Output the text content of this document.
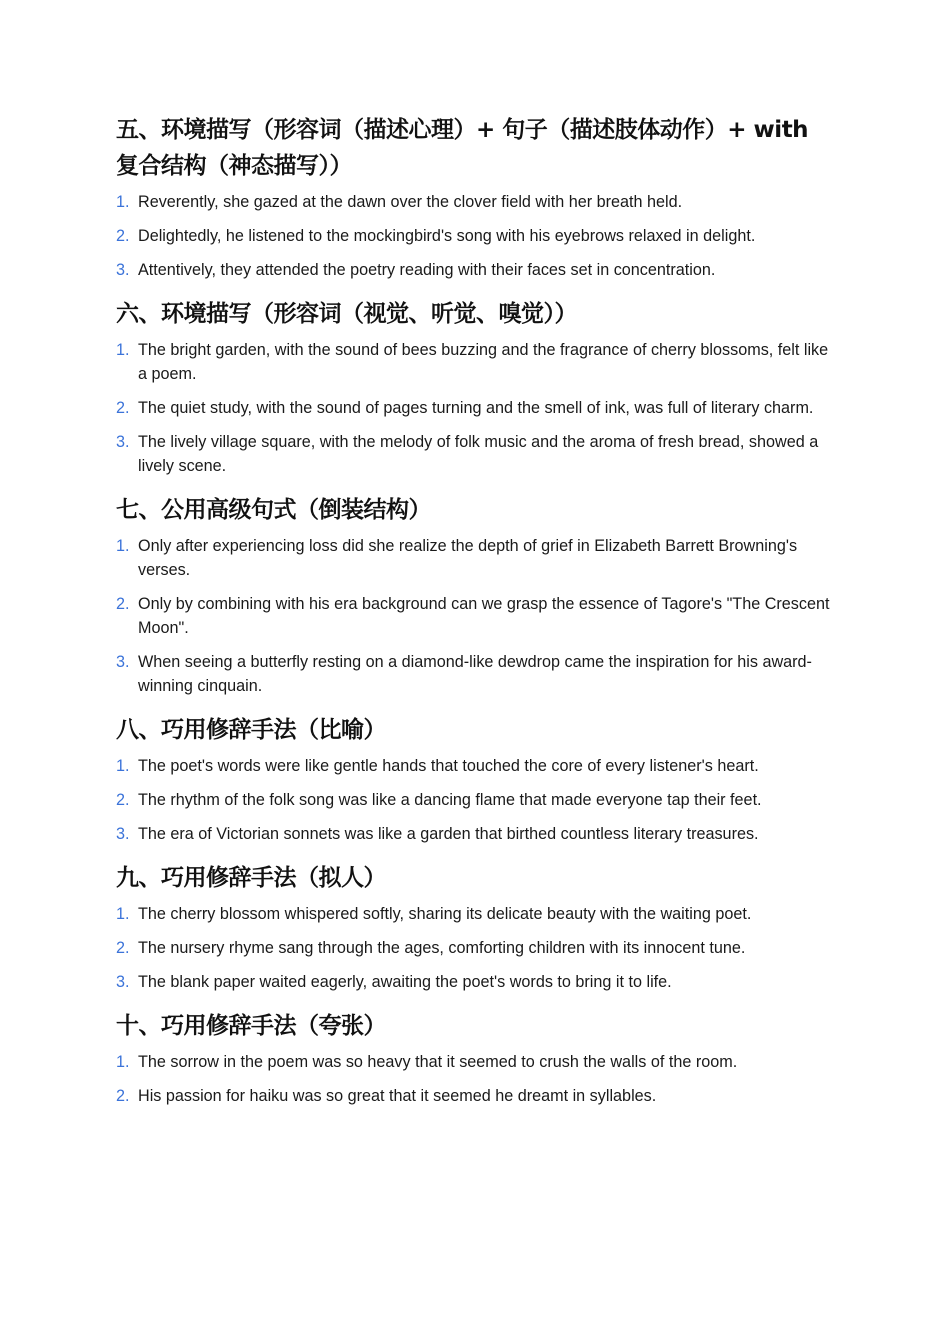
五、环境描写（形容词（描述心理）+ 句子（描述肢体动作）+ with 复合结构（神态描写））
1. Reverently, she gazed at the dawn over the clover field with her breath held.
2. Delightedly, he listened to the mockingbird's song with his eyebrows relaxed in delight.
3. Attentively, they attended the poetry reading with their faces set in concentration.
六、环境描写（形容词（视觉、听觉、嗅觉））
1. The bright garden, with the sound of bees buzzing and the fragrance of cherry blossoms, felt like a poem.
2. The quiet study, with the sound of pages turning and the smell of ink, was full of literary charm.
3. The lively village square, with the melody of folk music and the aroma of fresh bread, showed a lively scene.
七、公用高级句式（倒装结构）
1. Only after experiencing loss did she realize the depth of grief in Elizabeth Barrett Browning's verses.
2. Only by combining with his era background can we grasp the essence of Tagore's "The Crescent Moon".
3. When seeing a butterfly resting on a diamond-like dewdrop came the inspiration for his award-winning cinquain.
八、巧用修辞手法（比喻）
1. The poet's words were like gentle hands that touched the core of every listener's heart.
2. The rhythm of the folk song was like a dancing flame that made everyone tap their feet.
3. The era of Victorian sonnets was like a garden that birthed countless literary treasures.
九、巧用修辞手法（拟人）
1. The cherry blossom whispered softly, sharing its delicate beauty with the waiting poet.
2. The nursery rhyme sang through the ages, comforting children with its innocent tune.
3. The blank paper waited eagerly, awaiting the poet's words to bring it to life.
十、巧用修辞手法（夸张）
1. The sorrow in the poem was so heavy that it seemed to crush the walls of the room.
2. His passion for haiku was so great that it seemed he dreamt in syllables.
